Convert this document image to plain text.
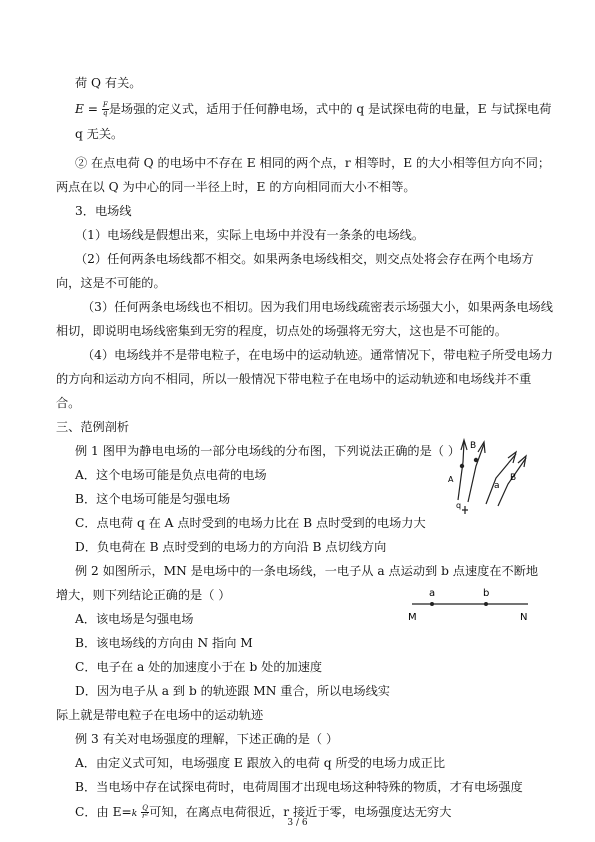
荷 Q 有关。
$E = \frac{F}{q}$ 是场强的定义式，适用于任何静电场，式中的 q 是试探电荷的电量，E 与试探电荷
q 无关。
② 在点电荷 Q 的电场中不存在 E 相同的两个点，r 相等时，E 的大小相等但方向不同；
两点在以 Q 为中心的同一半径上时，E 的方向相同而大小不相等。
3．电场线
（1）电场线是假想出来，实际上电场中并没有一条条的电场线。
（2）任何两条电场线都不相交。如果两条电场线相交，则交点处将会存在两个电场方
向，这是不可能的。
（3）任何两条电场线也不相切。因为我们用电场线疏密表示场强大小，如果两条电场线
相切，即说明电场线密集到无穷的程度，切点处的场强将无穷大，这也是不可能的。
（4）电场线并不是带电粒子，在电场中的运动轨迹。通常情况下，带电粒子所受电场力
的方向和运动方向不相同，所以一般情况下带电粒子在电场中的运动轨迹和电场线并不重
合。
三、范例剖析
例 1 图甲为静电电场的一部分电场线的分布图，下列说法正确的是（ ）
A．这个电场可能是负点电荷的电场
B．这个电场可能是匀强电场
C．点电荷 q 在 A 点时受到的电场力比在 B 点时受到的电场力大
D．负电荷在 B 点时受到的电场力的方向沿 B 点切线方向
例 2 如图所示，MN 是电场中的一条电场线，一电子从 a 点运动到 b 点速度在不断地
增大，则下列结论正确的是（ ）
A．该电场是匀强电场
B．该电场线的方向由 N 指向 M
C．电子在 a 处的加速度小于在 b 处的加速度
D．因为电子从 a 到 b 的轨迹跟 MN 重合，所以电场线实
际上就是带电粒子在电场中的运动轨迹
例 3 有关对电场强度的理解，下述正确的是（ ）
A．由定义式可知，电场强度 E 跟放入的电荷 q 所受的电场力成正比
B．当电场中存在试探电荷时，电荷周围才出现电场这种特殊的物质，才有电场强度
C．由 $E=k \frac{Q}{\text{r²}}$ 可知，在离点电荷很近，r 接近于零，电场强度达无穷大
3 / 6
B
A
a
B
q
a	b
M	N
